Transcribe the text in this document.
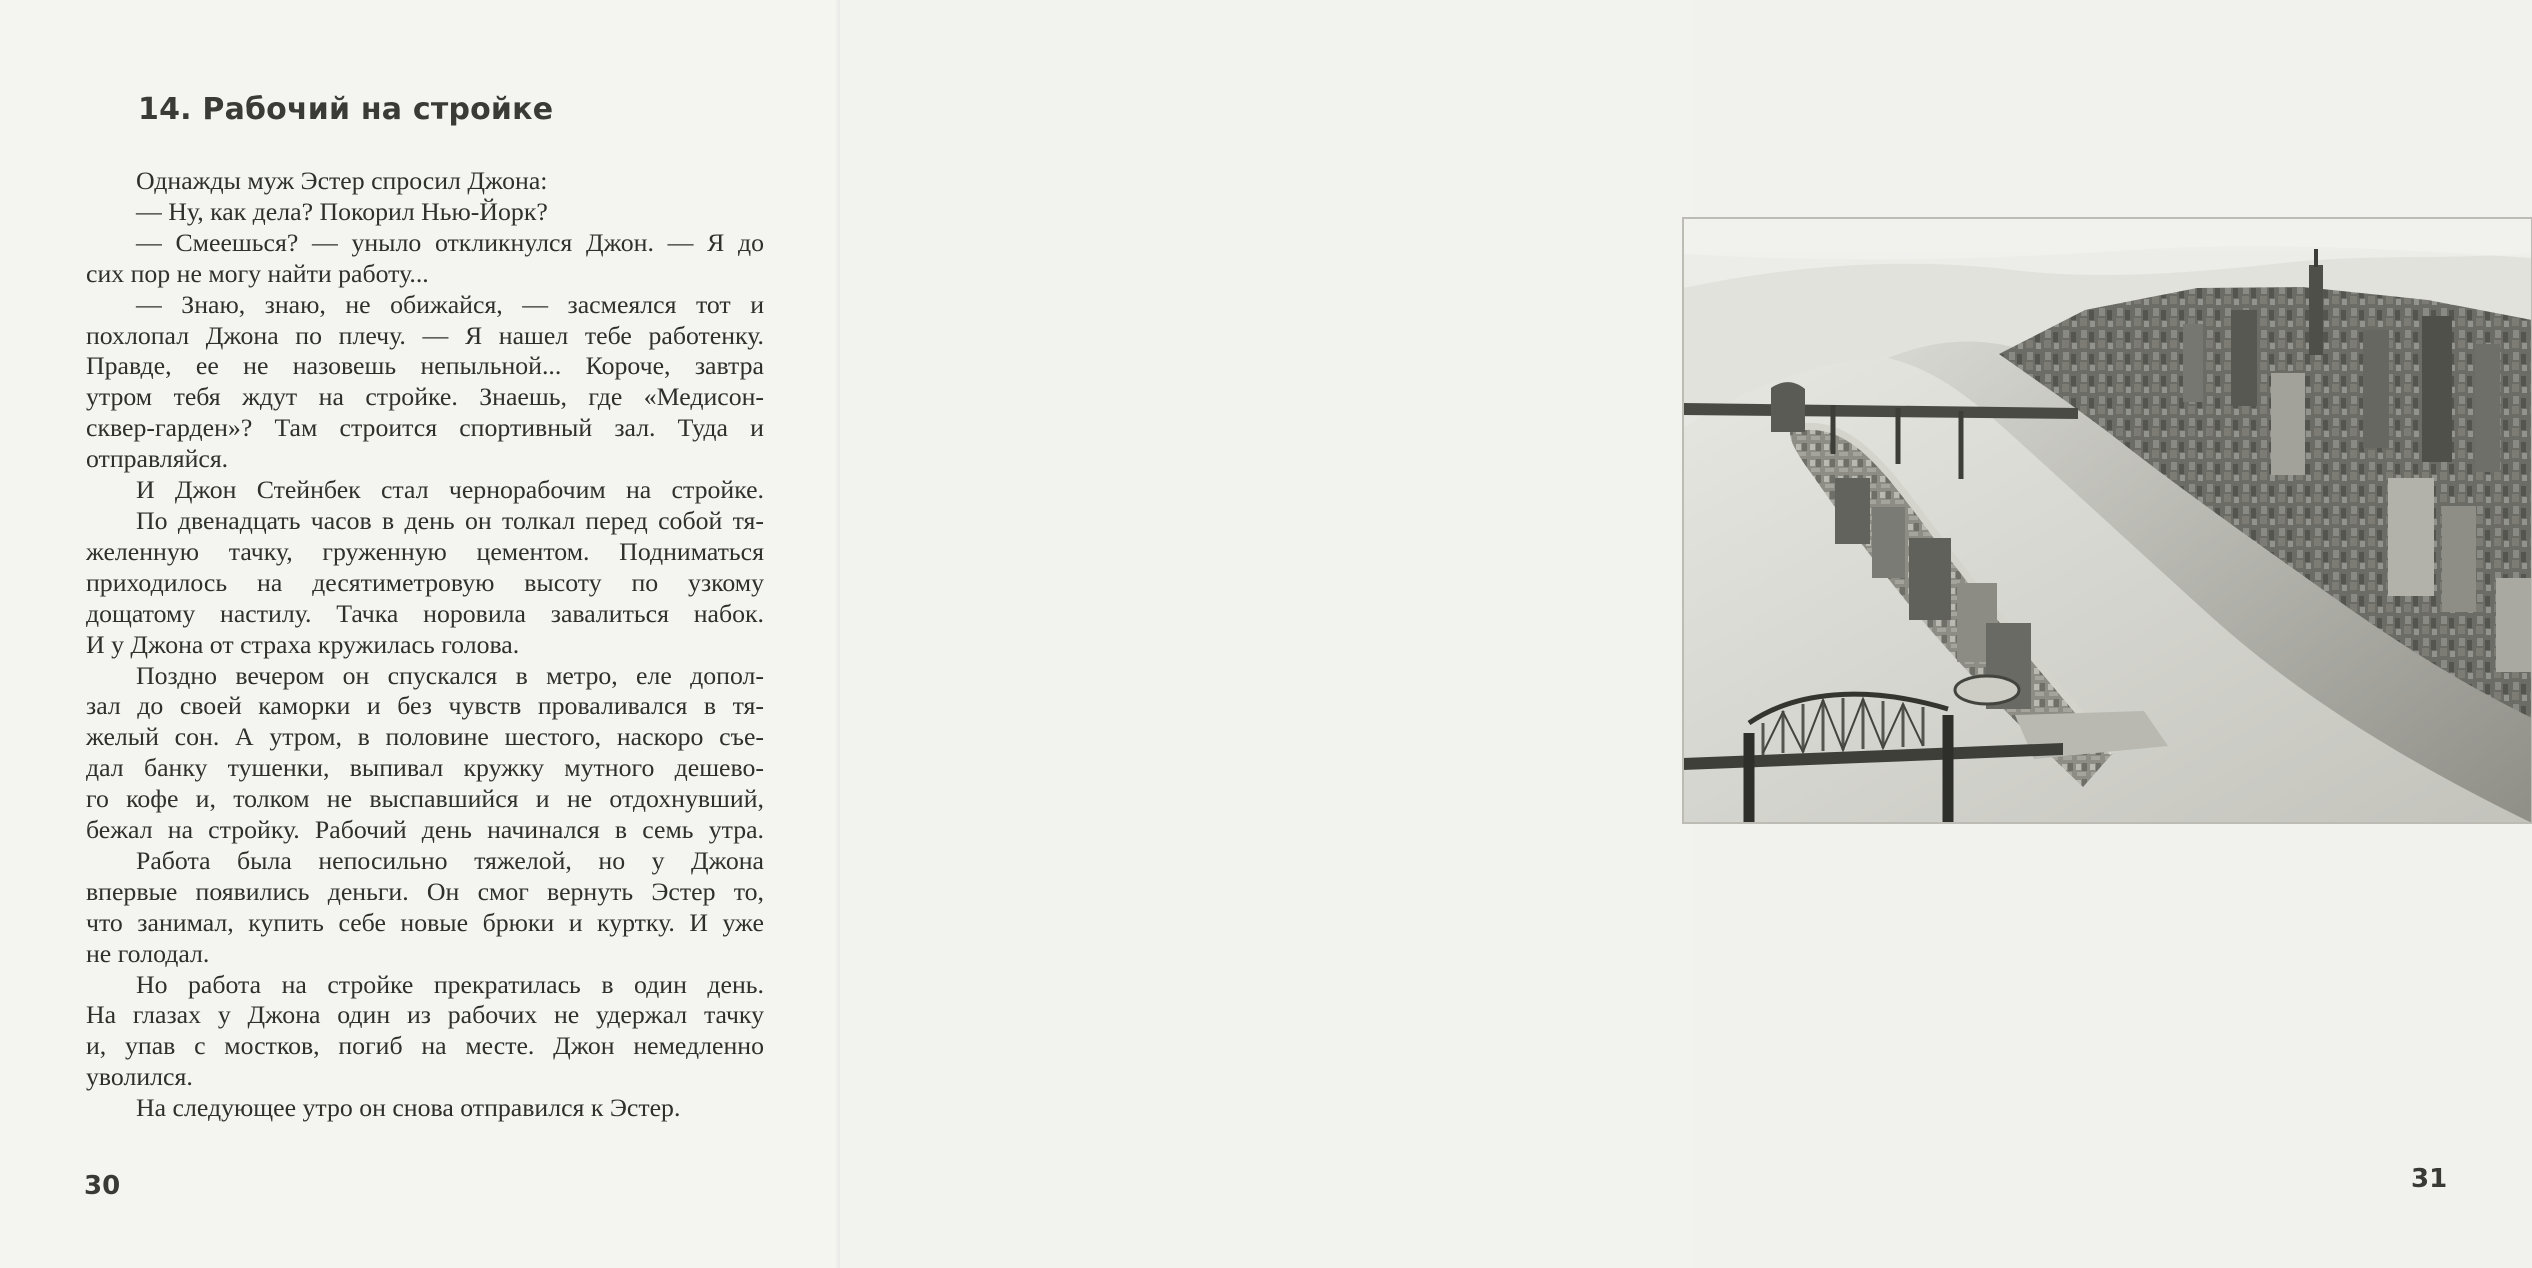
14. Рабочий на стройке
Однажды муж Эстер спросил Джона:
— Ну, как дела? Покорил Нью-Йорк?
— Смеешься? — уныло откликнулся Джон. — Я до
сих пор не могу найти работу...
— Знаю, знаю, не обижайся, — засмеялся тот и
похлопал Джона по плечу. — Я нашел тебе работенку.
Правде, ее не назовешь непыльной... Короче, завтра
утром тебя ждут на стройке. Знаешь, где «Медисон-
сквер-гарден»? Там строится спортивный зал. Туда и
отправляйся.
И Джон Стейнбек стал чернорабочим на стройке.
По двенадцать часов в день он толкал перед собой тя-
желенную тачку, груженную цементом. Подниматься
приходилось на десятиметровую высоту по узкому
дощатому настилу. Тачка норовила завалиться набок.
И у Джона от страха кружилась голова.
Поздно вечером он спускался в метро, еле допол-
зал до своей каморки и без чувств проваливался в тя-
желый сон. А утром, в половине шестого, наскоро съе-
дал банку тушенки, выпивал кружку мутного дешево-
го кофе и, толком не выспавшийся и не отдохнувший,
бежал на стройку. Рабочий день начинался в семь утра.
Работа была непосильно тяжелой, но у Джона
впервые появились деньги. Он смог вернуть Эстер то,
что занимал, купить себе новые брюки и куртку. И уже
не голодал.
Но работа на стройке прекратилась в один день.
На глазах у Джона один из рабочих не удержал тачку
и, упав с мостков, погиб на месте. Джон немедленно
уволился.
На следующее утро он снова отправился к Эстер.

30	31
